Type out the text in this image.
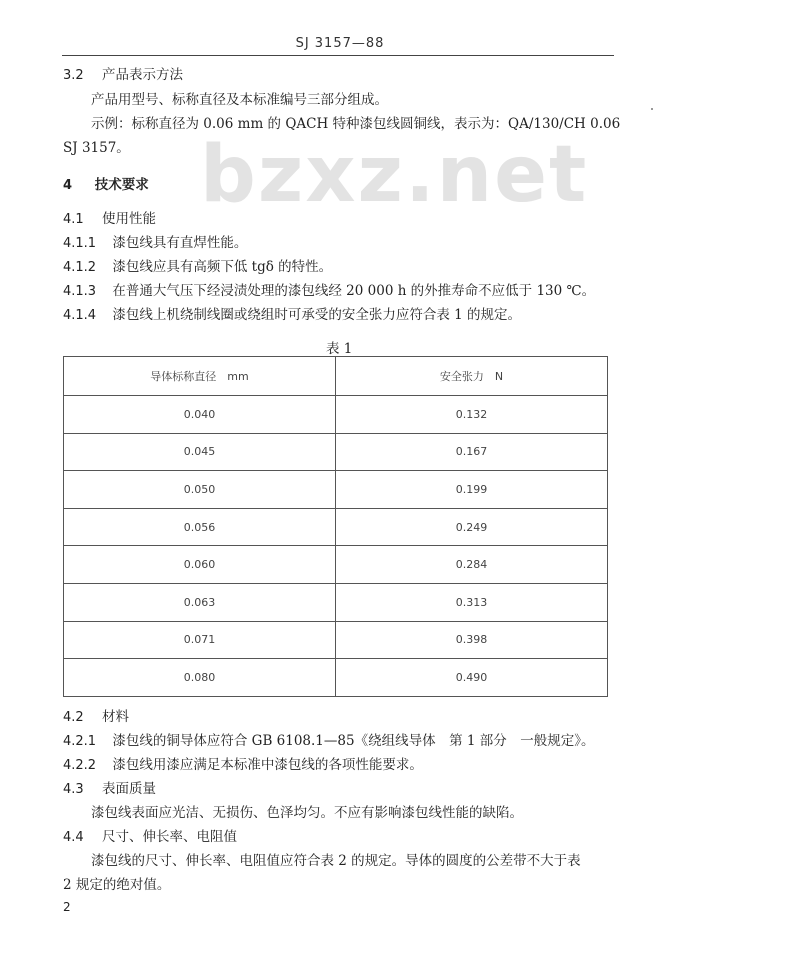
SJ 3157—88
bzxz.net
3.2 产品表示方法
产品用型号、标称直径及本标准编号三部分组成。
示例：标称直径为 0.06 mm 的 QACH 特种漆包线圆铜线，表示为：QA/130/CH 0.06
SJ 3157。
4 技术要求
4.1 使用性能
4.1.1 漆包线具有直焊性能。
4.1.2 漆包线应具有高频下低 tgδ 的特性。
4.1.3 在普通大气压下经浸渍处理的漆包线经 20 000 h 的外推寿命不应低于 130 ℃。
4.1.4 漆包线上机绕制线圈或绕组时可承受的安全张力应符合表 1 的规定。
表 1
导体标称直径　mm	安全张力　N
0.040	0.132
0.045	0.167
0.050	0.199
0.056	0.249
0.060	0.284
0.063	0.313
0.071	0.398
0.080	0.490
4.2 材料
4.2.1 漆包线的铜导体应符合 GB 6108.1—85《绕组线导体　第 1 部分　一般规定》。
4.2.2 漆包线用漆应满足本标准中漆包线的各项性能要求。
4.3 表面质量
漆包线表面应光洁、无损伤、色泽均匀。不应有影响漆包线性能的缺陷。
4.4 尺寸、伸长率、电阻值
漆包线的尺寸、伸长率、电阻值应符合表 2 的规定。导体的圆度的公差带不大于表
2 规定的绝对值。
2
